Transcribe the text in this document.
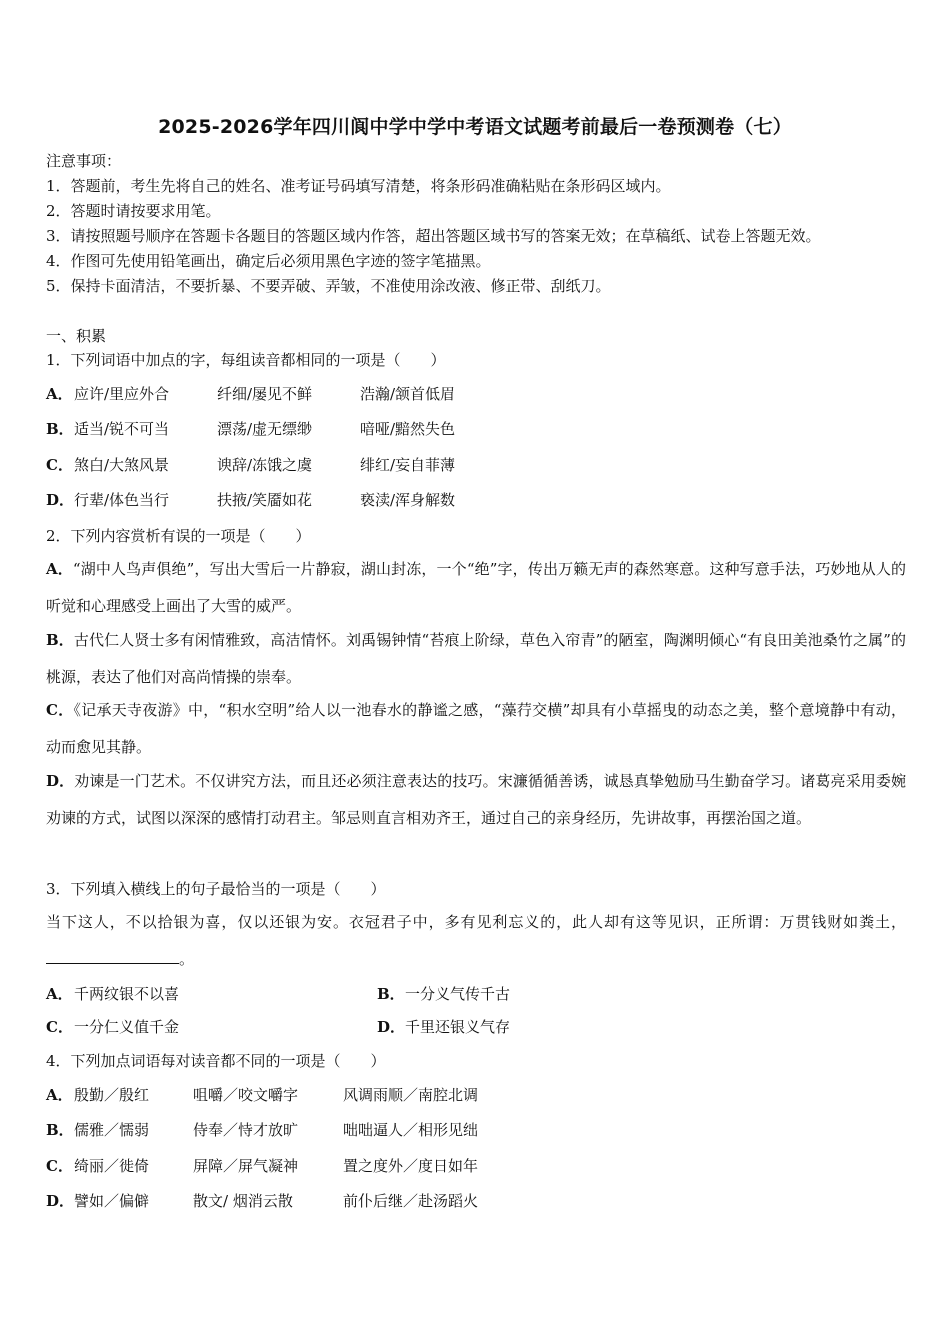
2025-2026学年四川阆中学中学中考语文试题考前最后一卷预测卷（七）
注意事项：
1．答题前，考生先将自己的姓名、准考证号码填写清楚，将条形码准确粘贴在条形码区域内。
2．答题时请按要求用笔。
3．请按照题号顺序在答题卡各题目的答题区域内作答，超出答题区域书写的答案无效；在草稿纸、试卷上答题无效。
4．作图可先使用铅笔画出，确定后必须用黑色字迹的签字笔描黑。
5．保持卡面清洁，不要折暴、不要弄破、弄皱，不准使用涂改液、修正带、刮纸刀。
一、积累
1．下列词语中加点的字，每组读音都相同的一项是（　　）
A． 应许/里应外合	纤细/屡见不鲜	浩瀚/颔首低眉
B． 适当/锐不可当	漂荡/虚无缥缈	喑哑/黯然失色
C． 煞白/大煞风景	谀辞/冻饿之虞	绯红/妄自菲薄
D． 行辈/体色当行	扶掖/笑靥如花	亵渎/浑身解数
2．下列内容赏析有误的一项是（　　）
A．“湖中人鸟声俱绝”，写出大雪后一片静寂，湖山封冻，一个“绝”字，传出万籁无声的森然寒意。这种写意手法，巧妙地从人的听觉和心理感受上画出了大雪的威严。
B．古代仁人贤士多有闲情雅致，高洁情怀。刘禹锡钟情“苔痕上阶绿，草色入帘青”的陋室，陶渊明倾心“有良田美池桑竹之属”的桃源，表达了他们对高尚情操的崇奉。
C．《记承天寺夜游》中，“积水空明”给人以一池春水的静谧之感，“藻荇交横”却具有小草摇曳的动态之美，整个意境静中有动，动而愈见其静。
D．劝谏是一门艺术。不仅讲究方法，而且还必须注意表达的技巧。宋濂循循善诱，诚恳真挚勉励马生勤奋学习。诸葛亮采用委婉劝谏的方式，试图以深深的感情打动君主。邹忌则直言相劝齐王，通过自己的亲身经历，先讲故事，再摆治国之道。
3．下列填入横线上的句子最恰当的一项是（　　）
当下这人，不以拾银为喜，仅以还银为安。衣冠君子中，多有见利忘义的，此人却有这等见识，正所谓：万贯钱财如粪土，。
A． 千两纹银不以喜	B． 一分义气传千古
C． 一分仁义值千金	D． 千里还银义气存
4．下列加点词语每对读音都不同的一项是（　　）
A． 殷勤／殷红	咀嚼／咬文嚼字	风调雨顺／南腔北调
B． 儒雅／懦弱	侍奉／恃才放旷	咄咄逼人／相形见绌
C． 绮丽／徙倚	屏障／屏气凝神	置之度外／度日如年
D． 譬如／偏僻	散文/ 烟消云散	前仆后继／赴汤蹈火
